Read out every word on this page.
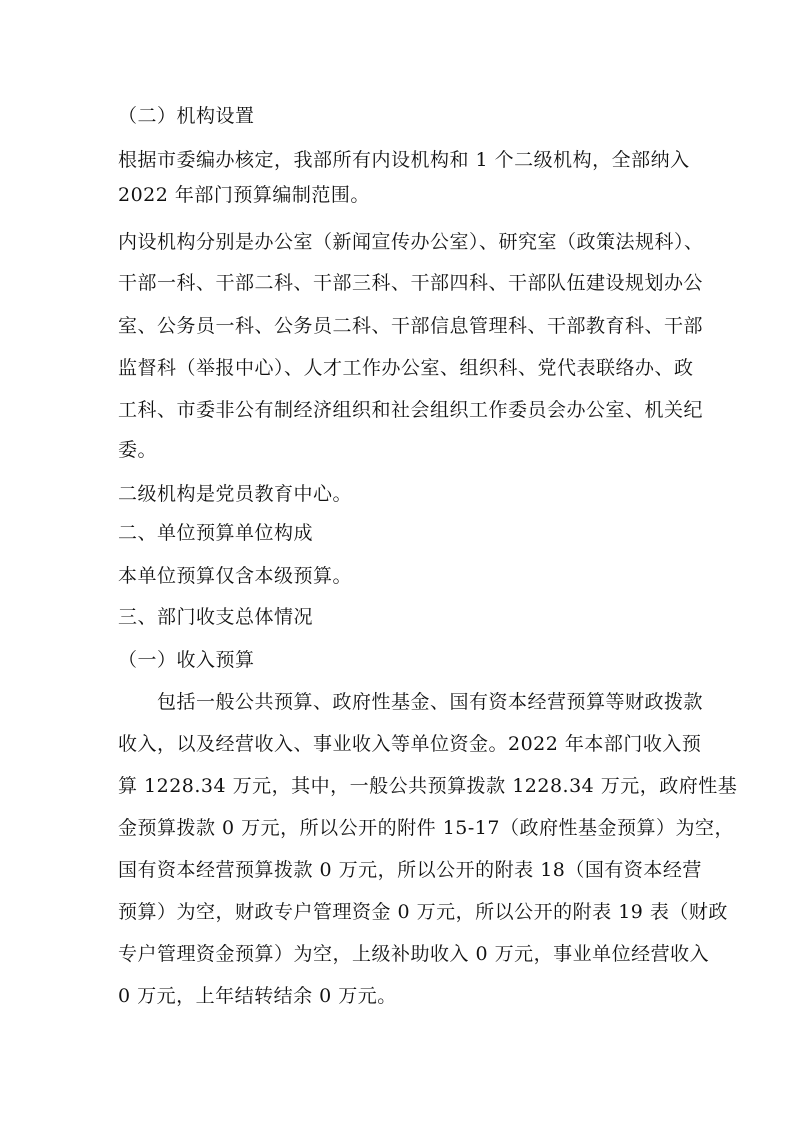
（二）机构设置
根据市委编办核定，我部所有内设机构和 1 个二级机构，全部纳入
2022 年部门预算编制范围。
内设机构分别是办公室（新闻宣传办公室）、研究室（政策法规科）、
干部一科、干部二科、干部三科、干部四科、干部队伍建设规划办公
室、公务员一科、公务员二科、干部信息管理科、干部教育科、干部
监督科（举报中心）、人才工作办公室、组织科、党代表联络办、政
工科、市委非公有制经济组织和社会组织工作委员会办公室、机关纪
委。
二级机构是党员教育中心。
二、单位预算单位构成
本单位预算仅含本级预算。
三、部门收支总体情况
（一）收入预算
包括一般公共预算、政府性基金、国有资本经营预算等财政拨款
收入，以及经营收入、事业收入等单位资金。2022 年本部门收入预
算 1228.34 万元，其中，一般公共预算拨款 1228.34 万元，政府性基
金预算拨款 0 万元，所以公开的附件 15-17（政府性基金预算）为空，
国有资本经营预算拨款 0 万元，所以公开的附表 18（国有资本经营
预算）为空，财政专户管理资金 0 万元，所以公开的附表 19 表（财政
专户管理资金预算）为空，上级补助收入 0 万元，事业单位经营收入
0 万元，上年结转结余 0 万元。
